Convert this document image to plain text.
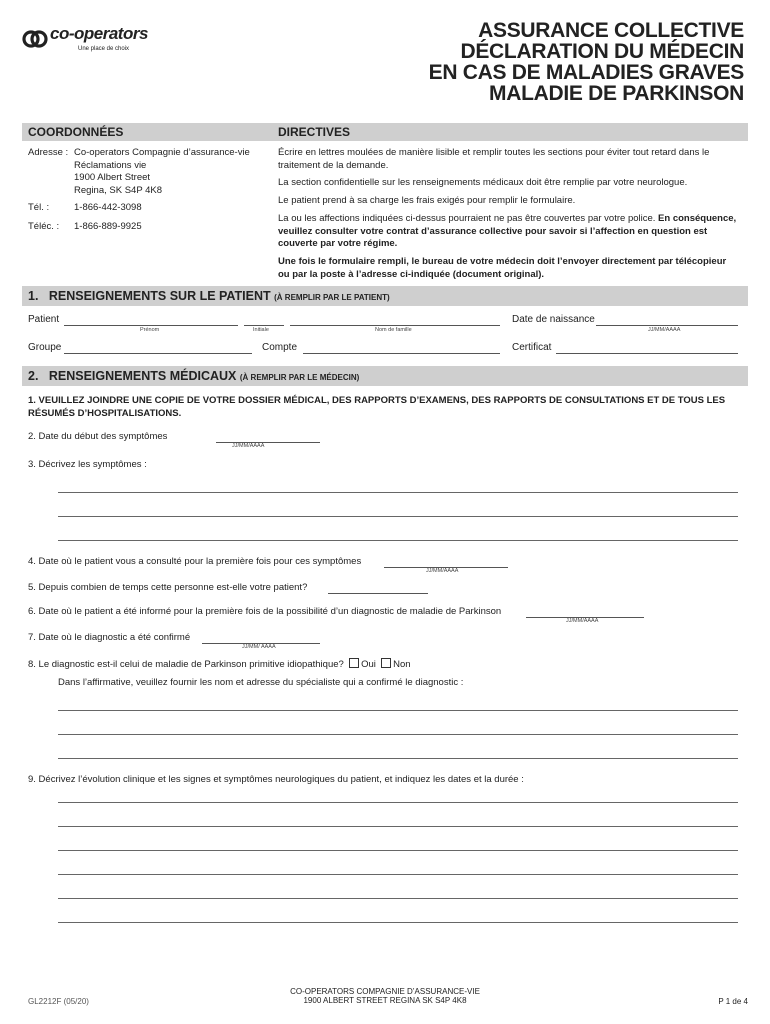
co-operators
Une place de choix
ASSURANCE COLLECTIVE
DÉCLARATION DU MÉDECIN
EN CAS DE MALADIES GRAVES
MALADIE DE PARKINSON
COORDONNÉES	DIRECTIVES
Adresse : Co-operators Compagnie d’assurance-vie
Réclamations vie
1900 Albert Street
Regina, SK S4P 4K8
Tél. :	1-866-442-3098
Téléc. : 1-866-889-9925
Écrire en lettres moulées de manière lisible et remplir toutes les sections pour éviter tout retard dans le traitement de la demande.
La section confidentielle sur les renseignements médicaux doit être remplie par votre neurologue.
Le patient prend à sa charge les frais exigés pour remplir le formulaire.
La ou les affections indiquées ci-dessus pourraient ne pas être couvertes par votre police. En conséquence, veuillez consulter votre contrat d’assurance collective pour savoir si l’affection en question est couverte par votre régime.
Une fois le formulaire rempli, le bureau de votre médecin doit l’envoyer directement par télécopieur ou par la poste à l’adresse ci-indiquée (document original).
1. RENSEIGNEMENTS SUR LE PATIENT (À REMPLIR PAR LE PATIENT)
Patient
Prénom	Initiale	Nom de famille
Date de naissance
JJ/MM/AAAA
Groupe	Compte	Certificat
2. RENSEIGNEMENTS MÉDICAUX (À REMPLIR PAR LE MÉDECIN)
1. VEUILLEZ JOINDRE UNE COPIE DE VOTRE DOSSIER MÉDICAL, DES RAPPORTS D’EXAMENS, DES RAPPORTS DE CONSULTATIONS ET DE TOUS LES RÉSUMÉS D’HOSPITALISATIONS.
2. Date du début des symptômes
JJ/MM/AAAA
3. Décrivez les symptômes :
4. Date où le patient vous a consulté pour la première fois pour ces symptômes
JJ/MM/AAAA
5. Depuis combien de temps cette personne est-elle votre patient?
6. Date où le patient a été informé pour la première fois de la possibilité d’un diagnostic de maladie de Parkinson
JJ/MM/AAAA
7. Date où le diagnostic a été confirmé
JJ/MM/ AAAA
8. Le diagnostic est-il celui de maladie de Parkinson primitive idiopathique? Oui Non
Dans l’affirmative, veuillez fournir les nom et adresse du spécialiste qui a confirmé le diagnostic :
9. Décrivez l’évolution clinique et les signes et symptômes neurologiques du patient, et indiquez les dates et la durée :
GL2212F (05/20)
CO-OPERATORS COMPAGNIE D’ASSURANCE-VIE
1900 ALBERT STREET REGINA SK S4P 4K8	P 1 de 4
